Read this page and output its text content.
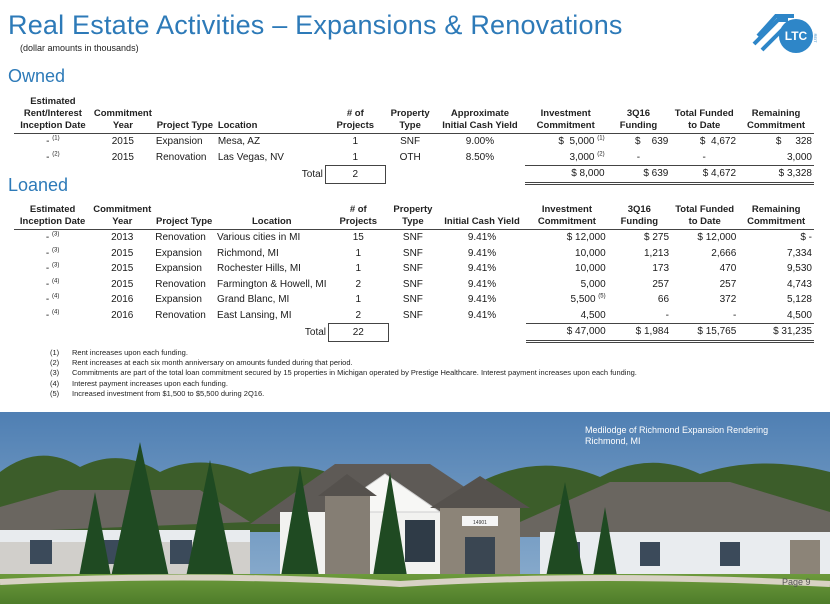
Real Estate Activities – Expansions & Renovations
(dollar amounts in thousands)
LTC REIT
Owned
Estimated										
Rent/Interest	Commitment			# of	Property	Approximate	Investment	3Q16	Total Funded	Remaining
Inception Date	Year	Project Type	Location	Projects	Type	Initial Cash Yield	Commitment	Funding	to Date	Commitment
- $^{(1)}$	2015	Expansion	Mesa, AZ	1	SNF	9.00%	$ 5,000 $^{(1)}$	$ 639	$ 4,672	$ 328
- $^{(2)}$	2015	Renovation	Las Vegas, NV	1	OTH	8.50%	3,000 $^{(2)}$	-	-	3,000
			Total	2			$ 8,000	$ 639	$ 4,672	$ 3,328
Loaned
Estimated	Commitment			# of	Property		Investment	3Q16	Total Funded	Remaining
Inception Date	Year	Project Type	Location	Projects	Type	Initial Cash Yield	Commitment	Funding	to Date	Commitment
- $^{(3)}$	2013	Renovation	Various cities in MI	15	SNF	9.41%	$ 12,000	$ 275	$ 12,000	$ -
- $^{(3)}$	2015	Expansion	Richmond, MI	1	SNF	9.41%	10,000	1,213	2,666	7,334
- $^{(3)}$	2015	Expansion	Rochester Hills, MI	1	SNF	9.41%	10,000	173	470	9,530
- $^{(4)}$	2015	Renovation	Farmington & Howell, MI	2	SNF	9.41%	5,000	257	257	4,743
- $^{(4)}$	2016	Expansion	Grand Blanc, MI	1	SNF	9.41%	5,500 $^{(5)}$	66	372	5,128
- $^{(4)}$	2016	Renovation	East Lansing, MI	2	SNF	9.41%	4,500	-	-	4,500
			Total	22			$ 47,000	$ 1,984	$ 15,765	$ 31,235
(1) Rent increases upon each funding.
(2) Rent increases at each six month anniversary on amounts funded during that period.
(3) Commitments are part of the total loan commitment secured by 15 properties in Michigan operated by Prestige Healthcare. Interest payment increases upon each funding.
(4) Interest payment increases upon each funding.
(5) Increased investment from $1,500 to $5,500 during 2Q16.
14901
Medilodge of Richmond Expansion Rendering
Richmond, MI
Page 9
